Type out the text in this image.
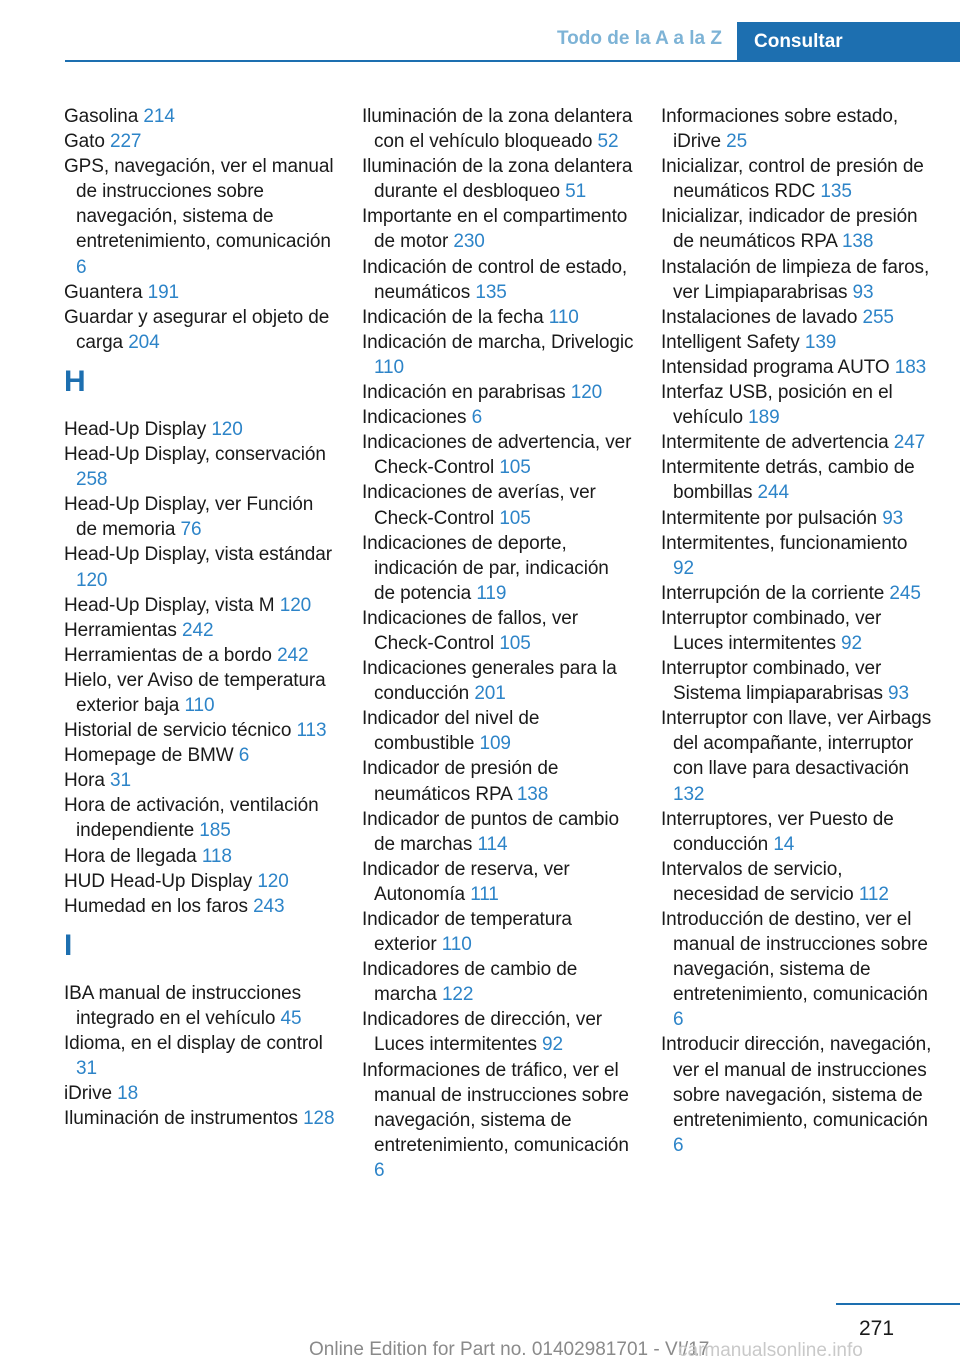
Todo de la A a la Z	Consultar
Gasolina 214
Gato 227
GPS, navegación, ver el manual de instrucciones sobre navegación, sistema de entretenimiento, comunicación 6
Guantera 191
Guardar y asegurar el objeto de carga 204
H
Head-Up Display 120
Head-Up Display, conservación 258
Head-Up Display, ver Función de memoria 76
Head-Up Display, vista estándar 120
Head-Up Display, vista M 120
Herramientas 242
Herramientas de a bordo 242
Hielo, ver Aviso de temperatura exterior baja 110
Historial de servicio técnico 113
Homepage de BMW 6
Hora 31
Hora de activación, ventilación independiente 185
Hora de llegada 118
HUD Head-Up Display 120
Humedad en los faros 243
I
IBA manual de instrucciones integrado en el vehículo 45
Idioma, en el display de control 31
iDrive 18
Iluminación de instrumentos 128
Iluminación de la zona delantera con el vehículo bloqueado 52
Iluminación de la zona delantera durante el desbloqueo 51
Importante en el compartimento de motor 230
Indicación de control de estado, neumáticos 135
Indicación de la fecha 110
Indicación de marcha, Drivelogic 110
Indicación en parabrisas 120
Indicaciones 6
Indicaciones de advertencia, ver Check-Control 105
Indicaciones de averías, ver Check-Control 105
Indicaciones de deporte, indicación de par, indicación de potencia 119
Indicaciones de fallos, ver Check-Control 105
Indicaciones generales para la conducción 201
Indicador del nivel de combustible 109
Indicador de presión de neumáticos RPA 138
Indicador de puntos de cambio de marchas 114
Indicador de reserva, ver Autonomía 111
Indicador de temperatura exterior 110
Indicadores de cambio de marcha 122
Indicadores de dirección, ver Luces intermitentes 92
Informaciones de tráfico, ver el manual de instrucciones sobre navegación, sistema de entretenimiento, comunicación 6
Informaciones sobre estado, iDrive 25
Inicializar, control de presión de neumáticos RDC 135
Inicializar, indicador de presión de neumáticos RPA 138
Instalación de limpieza de faros, ver Limpiaparabrisas 93
Instalaciones de lavado 255
Intelligent Safety 139
Intensidad programa AUTO 183
Interfaz USB, posición en el vehículo 189
Intermitente de advertencia 247
Intermitente detrás, cambio de bombillas 244
Intermitente por pulsación 93
Intermitentes, funcionamiento 92
Interrupción de la corriente 245
Interruptor combinado, ver Luces intermitentes 92
Interruptor combinado, ver Sistema limpiaparabrisas 93
Interruptor con llave, ver Airbags del acompañante, interruptor con llave para desactivación 132
Interruptores, ver Puesto de conducción 14
Intervalos de servicio, necesidad de servicio 112
Introducción de destino, ver el manual de instrucciones sobre navegación, sistema de entretenimiento, comunicación 6
Introducir dirección, navegación, ver el manual de instrucciones sobre navegación, sistema de entretenimiento, comunicación 6
271
Online Edition for Part no. 01402981701 - VI/17
carmanualsonline.info
